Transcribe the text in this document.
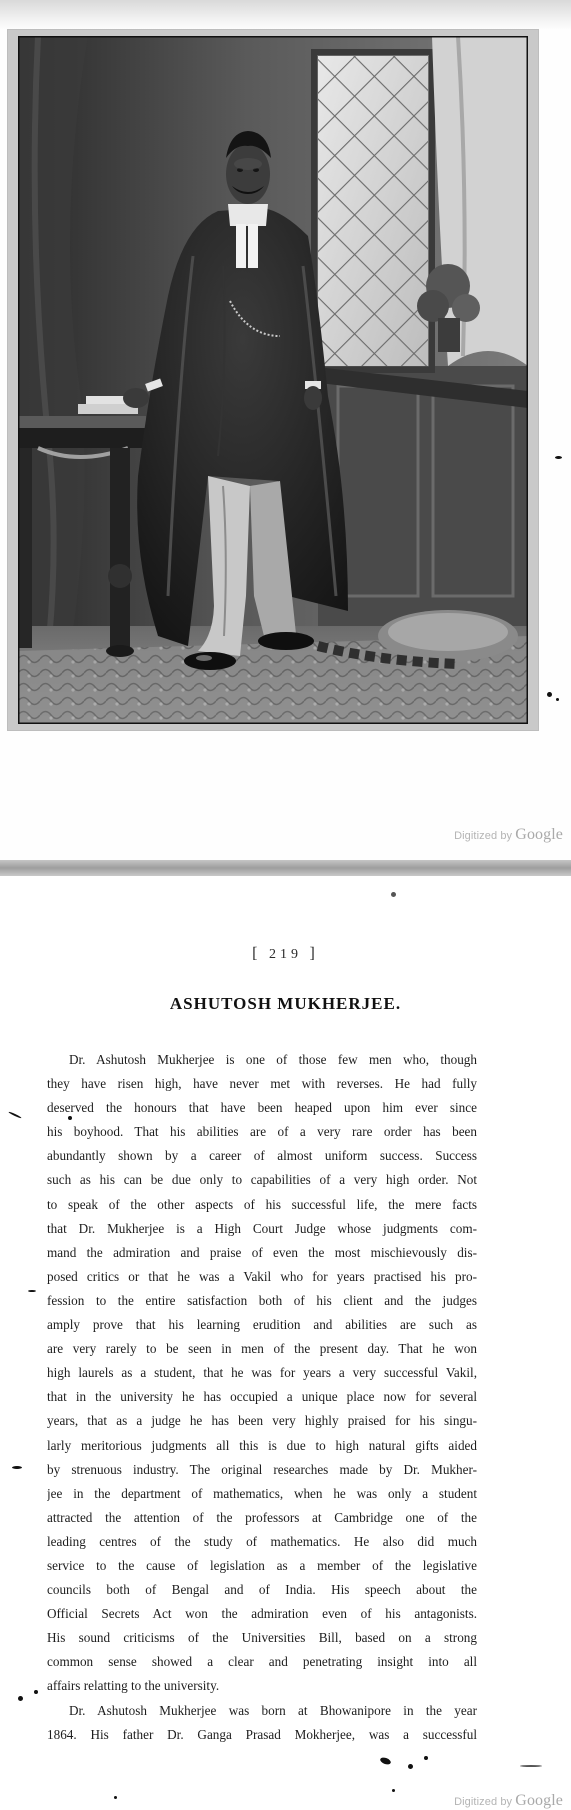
Digitized by Google
[ 219 ]
ASHUTOSH MUKHERJEE.
Dr. Ashutosh Mukherjee is one of those few men who, though
they have risen high, have never met with reverses. He had fully
deserved the honours that have been heaped upon him ever since
his boyhood. That his abilities are of a very rare order has been
abundantly shown by a career of almost uniform success. Success
such as his can be due only to capabilities of a very high order. Not
to speak of the other aspects of his successful life, the mere facts
that Dr. Mukherjee is a High Court Judge whose judgments com-
mand the admiration and praise of even the most mischievously dis-
posed critics or that he was a Vakil who for years practised his pro-
fession to the entire satisfaction both of his client and the judges
amply prove that his learning erudition and abilities are such as
are very rarely to be seen in men of the present day. That he won
high laurels as a student, that he was for years a very successful Vakil,
that in the university he has occupied a unique place now for several
years, that as a judge he has been very highly praised for his singu-
larly meritorious judgments all this is due to high natural gifts aided
by strenuous industry. The original researches made by Dr. Mukher-
jee in the department of mathematics, when he was only a student
attracted the attention of the professors at Cambridge one of the
leading centres of the study of mathematics. He also did much
service to the cause of legislation as a member of the legislative
councils both of Bengal and of India. His speech about the
Official Secrets Act won the admiration even of his antagonists.
His sound criticisms of the Universities Bill, based on a strong
common sense showed a clear and penetrating insight into all
affairs relatting to the university.
Dr. Ashutosh Mukherjee was born at Bhowanipore in the year
1864. His father Dr. Ganga Prasad Mokherjee, was a successful
Digitized by Google
